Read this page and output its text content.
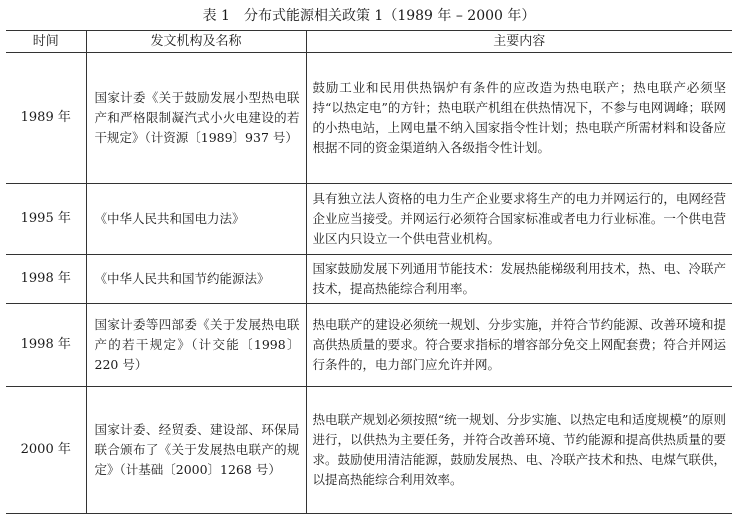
表 1　分布式能源相关政策 1（1989 年 – 2000 年）
时间	发文机构及名称	主要内容
1989 年	国家计委《关于鼓励发展小型热电联产和严格限制凝汽式小火电建设的若干规定》（计资源〔1989〕937 号）	鼓励工业和民用供热锅炉有条件的应改造为热电联产；热电联产必须坚持“以热定电”的方针；热电联产机组在供热情况下，不参与电网调峰；联网的小热电站，上网电量不纳入国家指令性计划；热电联产所需材料和设备应根据不同的资金渠道纳入各级指令性计划。
1995 年	《中华人民共和国电力法》	具有独立法人资格的电力生产企业要求将生产的电力并网运行的，电网经营企业应当接受。并网运行必须符合国家标准或者电力行业标准。一个供电营业区内只设立一个供电营业机构。
1998 年	《中华人民共和国节约能源法》	国家鼓励发展下列通用节能技术：发展热能梯级利用技术，热、电、冷联产技术，提高热能综合利用率。
1998 年	国家计委等四部委《关于发展热电联产的若干规定》（计交能〔1998〕220 号）	热电联产的建设必须统一规划、分步实施，并符合节约能源、改善环境和提高供热质量的要求。符合要求指标的增容部分免交上网配套费；符合并网运行条件的，电力部门应允许并网。
2000 年	国家计委、经贸委、建设部、环保局联合颁布了《关于发展热电联产的规定》（计基础〔2000〕1268 号）	热电联产规划必须按照“统一规划、分步实施、以热定电和适度规模”的原则进行，以供热为主要任务，并符合改善环境、节约能源和提高供热质量的要求。鼓励使用清洁能源，鼓励发展热、电、冷联产技术和热、电煤气联供，以提高热能综合利用效率。
